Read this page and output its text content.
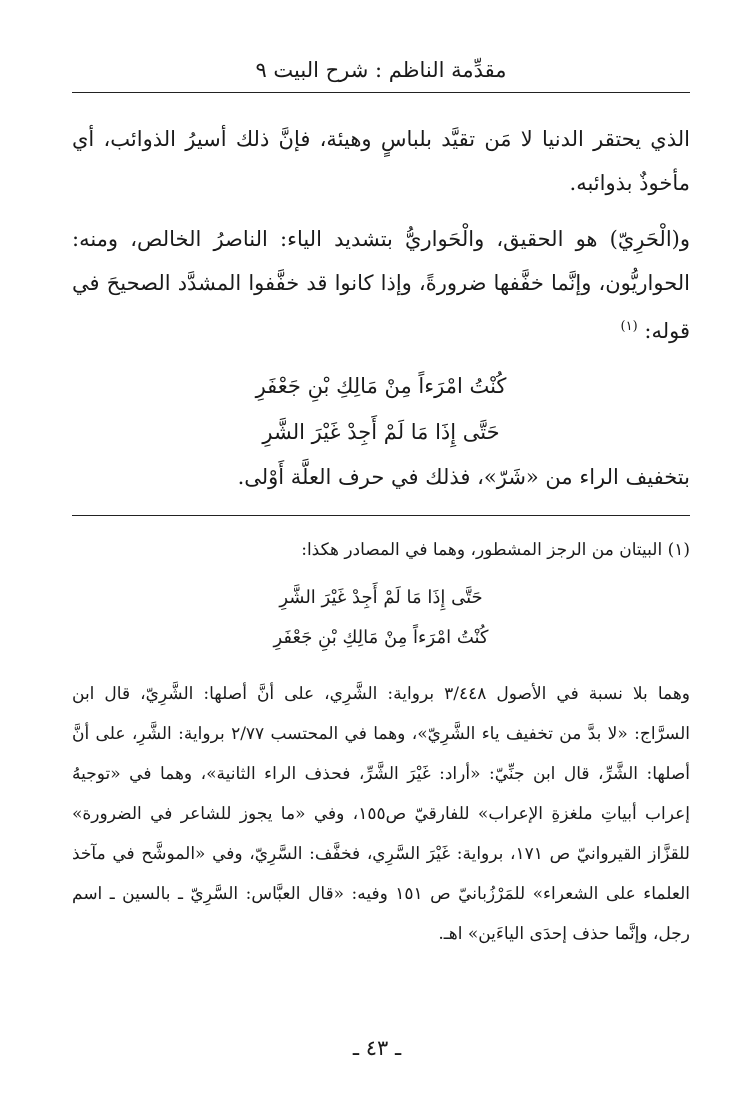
مقدِّمة الناظم : شرح البيت ٩

الذي يحتقر الدنيا لا مَن تقيَّد بلباسٍ وهيئة، فإنَّ ذلك أسيرُ الذوائب، أي مأخوذٌ بذوائبه.

و(الْحَرِيّ) هو الحقيق، والْحَواريُّ بتشديد الياء: الناصرُ الخالص، ومنه: الحواريُّون، وإنَّما خفَّفها ضرورةً، وإذا كانوا قد خفَّفوا المشدَّد الصحيحَ في قوله: $^{(١)}$

كُنْتُ امْرَءاً مِنْ مَالِكِ بْنِ جَعْفَرِ
حَتَّى إِذَا مَا لَمْ أَجِدْ غَيْرَ الشَّرِ

بتخفيف الراء من «شَرّ»، فذلك في حرف العلَّة أَوْلى.

(١) البيتان من الرجز المشطور، وهما في المصادر هكذا:

حَتَّى إِذَا مَا لَمْ أَجِدْ غَيْرَ الشَّرِ
كُنْتُ امْرَءاً مِنْ مَالِكِ بْنِ جَعْفَرِ

وهما بلا نسبة في الأصول ٣/٤٤٨ برواية: الشَّرِي، على أنَّ أصلها: الشَّرِيّ، قال ابن السرَّاج: «لا بدَّ من تخفيف ياء الشَّرِيّ»، وهما في المحتسب ٢/٧٧ برواية: الشَّرِ، على أنَّ أصلها: الشَّرِّ، قال ابن جنِّيّ: «أراد: غَيْرَ الشَّرِّ، فحذف الراء الثانية»، وهما في «توجيهُ إعراب أبياتِ ملغزةِ الإعراب» للفارقيّ ص١٥٥، وفي «ما يجوز للشاعر في الضرورة» للقزَّاز القيروانيّ ص ١٧١، برواية: غَيْرَ السَّرِي، فخفَّف: السَّرِيّ، وفي «الموشَّح في مآخذ العلماء على الشعراء» للمَرْزُبانيّ ص ١٥١ وفيه: «قال العبَّاس: السَّرِيّ ـ بالسين ـ اسم رجل، وإنَّما حذف إحدَى الياءَين» اهـ.

ـ ٤٣ ـ
